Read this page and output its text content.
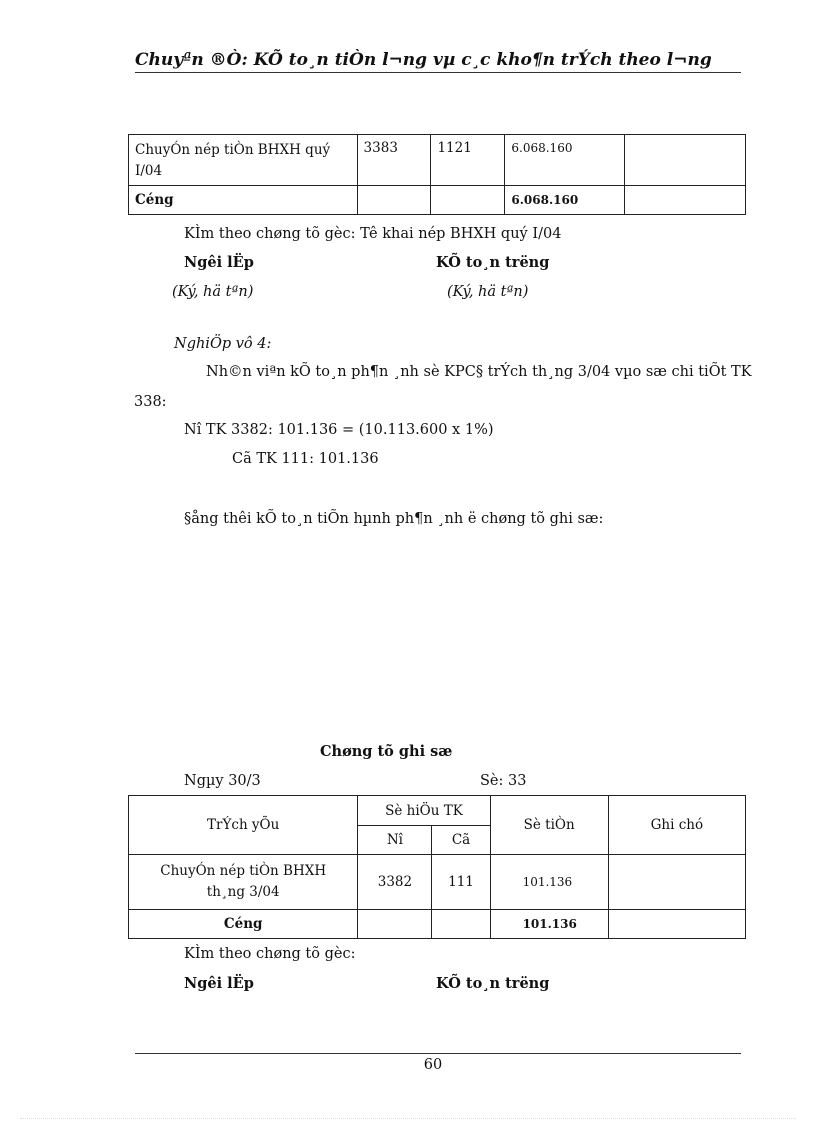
Chuyªn ®Ò: KÕ to¸n tiÒn l¬ng vµ c¸c kho¶n trÝch theo l¬ng
ChuyÓn nép tiÒn BHXH quý I/04	3383	1121	6.068.160	
Céng			6.068.160	
KÌm theo chøng tõ gèc: Tê khai nép BHXH quý I/04
Ngêi lËp	KÕ to¸n trëng
(Ký, hä tªn)	(Ký, hä tªn)
NghiÖp vô 4:
Nh©n viªn kÕ to¸n ph¶n ¸nh sè KPC§ trÝch th¸ng 3/04 vµo sæ chi tiÕt TK
338:
Nî TK 3382: 101.136 = (10.113.600 x 1%)
Cã TK 111: 101.136
§ång thêi kÕ to¸n tiÕn hµnh ph¶n ¸nh ë chøng tõ ghi sæ:
Chøng tõ ghi sæ
Ngµy 30/3	Sè: 33
TrÝch yÕu	Sè hiÖu TK		Sè tiÒn	Ghi chó
	Nî	Cã		
ChuyÓn nép tiÒn BHXH th¸ng 3/04	3382	111	101.136	
Céng			101.136	
KÌm theo chøng tõ gèc:
Ngêi lËp	KÕ to¸n trëng
60
